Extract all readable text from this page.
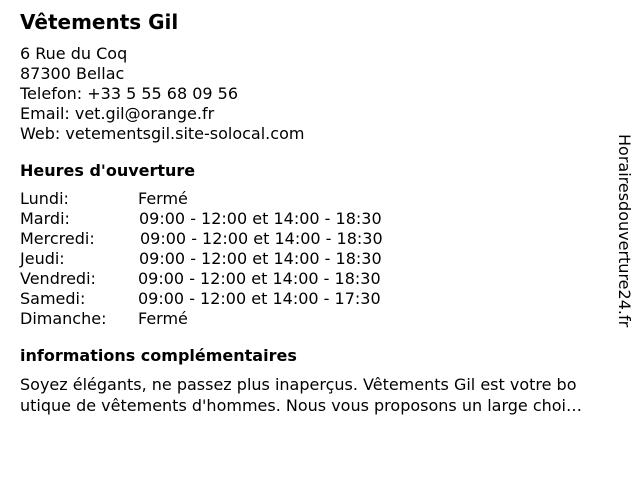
Vêtements Gil
6 Rue du Coq
87300 Bellac
Telefon: +33 5 55 68 09 56
Email: vet.gil@orange.fr
Web: vetementsgil.site-solocal.com
Heures d'ouverture
Lundi:	Fermé
Mardi:	09:00 - 12:00 et 14:00 - 18:30
Mercredi:	09:00 - 12:00 et 14:00 - 18:30
Jeudi:	09:00 - 12:00 et 14:00 - 18:30
Vendredi:	09:00 - 12:00 et 14:00 - 18:30
Samedi:	09:00 - 12:00 et 14:00 - 17:30
Dimanche: Fermé
informations complémentaires
Soyez élégants, ne passez plus inaperçus. Vêtements Gil est votre bo
utique de vêtements d'hommes. Nous vous proposons un large choi…
Horairesdouverture24.fr
